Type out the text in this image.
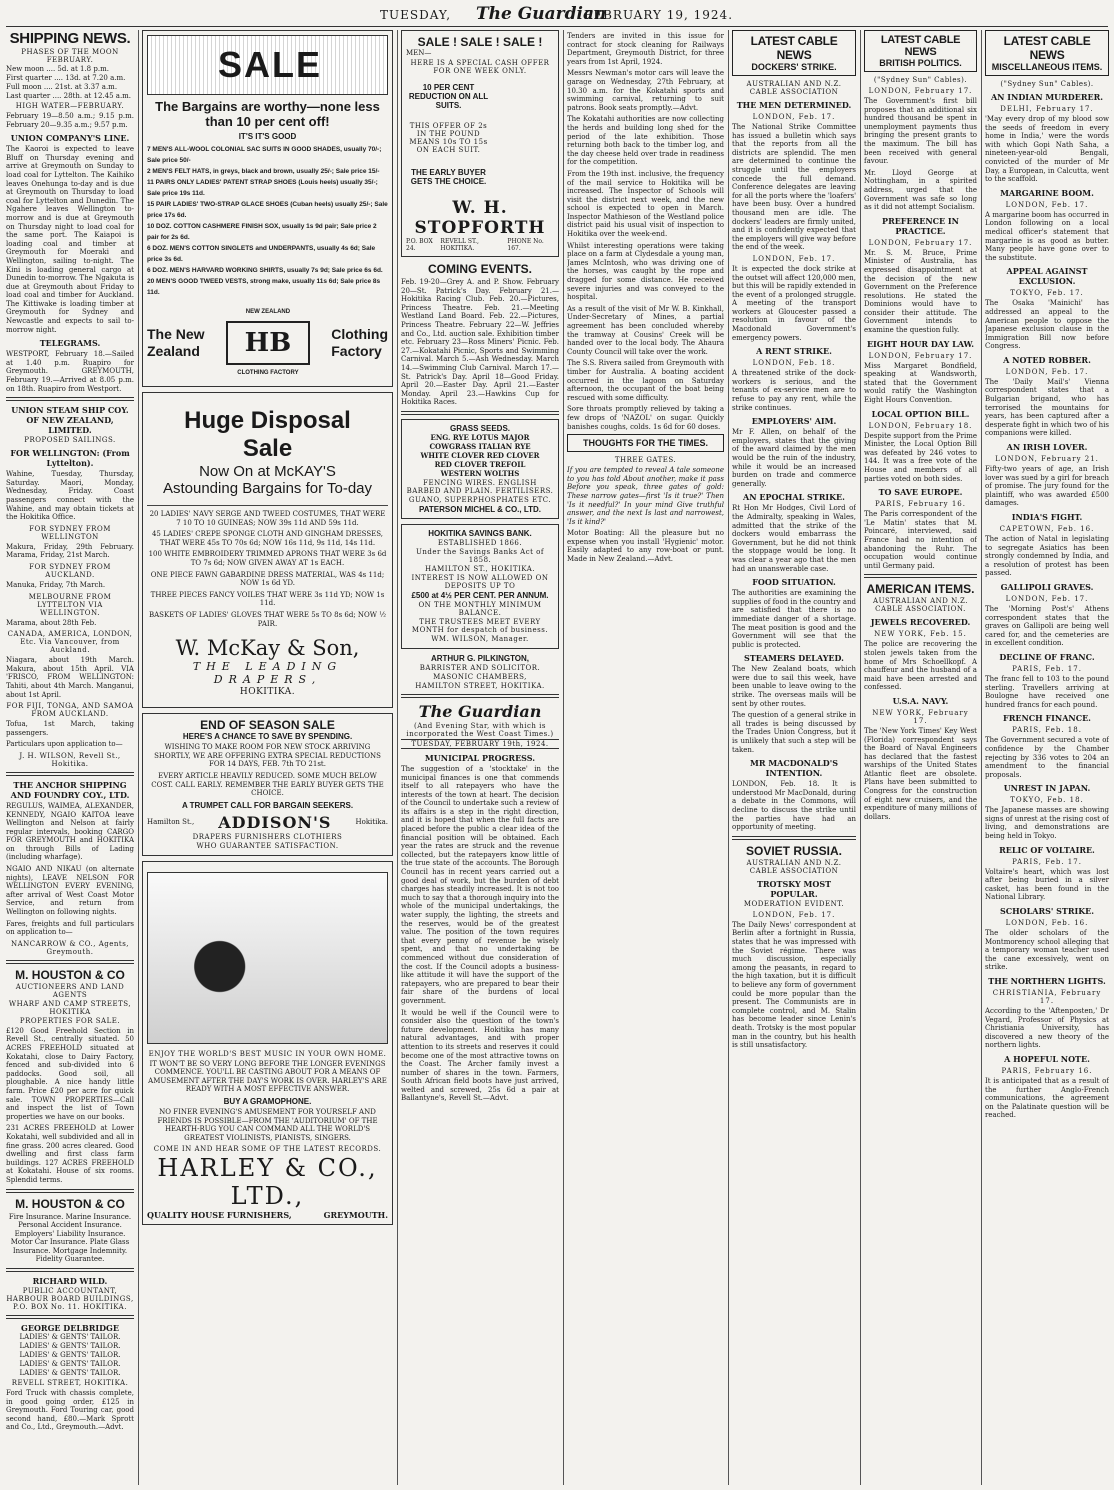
TUESDAY, The Guardian
FEBRUARY 19, 1924.
SHIPPING NEWS.
PHASES OF THE MOON FEBRUARY.
New moon .... 5d. at 1.8 p.m.
First quarter .... 13d. at 7.20 a.m.
Full moon .... 21st. at 3.37 a.m.
Last quarter .... 28th. at 12.45 a.m.
HIGH WATER—FEBRUARY.
February 19—8.50 a.m.; 9.15 p.m. February 20—9.35 a.m.; 9.57 p.m.
UNION COMPANY'S LINE.
The Kaoroi is expected to leave Bluff on Thursday evening and arrive at Greymouth on Sunday to load coal for Lyttelton. The Kaihiko leaves Onehunga to-day and is due at Greymouth on Thursday to load coal for Lyttelton and Dunedin. The Ngahere leaves Wellington to-morrow and is due at Greymouth on Thursday night to load coal for the same port. The Kaiapoi is loading coal and timber at Greymouth for Moeraki and Wellington, sailing to-night. The Kini is loading general cargo at Dunedin to-morrow. The Ngakuta is due at Greymouth about Friday to load coal and timber for Auckland. The Kittiwake is loading timber at Greymouth for Sydney and Newcastle and expects to sail to-morrow night.
TELEGRAMS.
WESTPORT, February 18.—Sailed at 1.40 p.m. Ruapiro for Greymouth. GREYMOUTH, February 19.—Arrived at 8.05 p.m. on 18th. Ruapiro from Westport.
UNION STEAM SHIP COY. OF NEW ZEALAND, LIMITED.
PROPOSED SAILINGS.
FOR WELLINGTON: (From Lyttelton).
Wahine, Tuesday, Thursday, Saturday. Maori, Monday, Wednesday, Friday. Coast passengers connect with the Wahine, and may obtain tickets at the Hokitika Office.
FOR SYDNEY FROM WELLINGTON
Makura, Friday, 29th February. Marama, Friday, 21st March.
FOR SYDNEY FROM AUCKLAND.
Manuka, Friday, 7th March.
MELBOURNE FROM LYTTELTON VIA WELLINGTON.
Marama, about 28th Feb.
CANADA, AMERICA, LONDON, Etc. Via Vancouver, from Auckland.
Niagara, about 19th March. Makura, about 15th April. VIA 'FRISCO, FROM WELLINGTON: Tahiti, about 4th March. Manganui, about 1st April.
FOR FIJI, TONGA, AND SAMOA FROM AUCKLAND.
Tofua, 1st March, taking passengers.
Particulars upon application to—
J. H. WILSON, Revell St., Hokitika.
THE ANCHOR SHIPPING AND FOUNDRY COY., LTD.
REGULUS, WAIMEA, ALEXANDER, KENNEDY, NGAIO KAITOA leave Wellington and Nelson at fairly regular intervals, booking CARGO FOR GREYMOUTH and HOKITIKA on through Bills of Lading (including wharfage).
NGAIO AND NIKAU (on alternate nights), LEAVE NELSON FOR WELLINGTON EVERY EVENING, after arrival of West Coast Motor Service, and return from Wellington on following nights.
Fares, freights and full particulars on application to—
NANCARROW & CO., Agents, Greymouth.
M. HOUSTON & CO
AUCTIONEERS AND LAND AGENTS
WHARF AND CAMP STREETS, HOKITIKA
PROPERTIES FOR SALE.
£120 Good Freehold Section in Revell St., centrally situated. 50 ACRES FREEHOLD situated at Kokatahi, close to Dairy Factory, fenced and sub-divided into 6 paddocks. Good soil, all ploughable. A nice handy little farm. Price £20 per acre for quick sale. TOWN PROPERTIES—Call and inspect the list of Town properties we have on our books.
231 ACRES FREEHOLD at Lower Kokatahi, well subdivided and all in fine grass. 200 acres cleared. Good dwelling and first class farm buildings. 127 ACRES FREEHOLD at Kokatahi. House of six rooms. Splendid terms.
M. HOUSTON & CO
Fire Insurance. Marine Insurance. Personal Accident Insurance. Employers' Liability Insurance. Motor Car Insurance. Plate Glass Insurance. Mortgage Indemnity. Fidelity Guarantee.
RICHARD WILD.
PUBLIC ACCOUNTANT, HARBOUR BOARD BUILDINGS, P.O. BOX No. 11. HOKITIKA.
GEORGE DELBRIDGE
LADIES' & GENTS' TAILOR.
LADIES' & GENTS' TAILOR.
LADIES' & GENTS' TAILOR.
LADIES' & GENTS' TAILOR.
LADIES' & GENTS' TAILOR.
REVELL STREET, HOKITIKA.
Ford Truck with chassis complete, in good going order, £125 in Greymouth. Ford Touring car, good second hand, £80.—Mark Sprott and Co., Ltd., Greymouth.—Advt.
SALE
The Bargains are worthy—none less than 10 per cent off!
IT'S IT'S GOOD
7 MEN'S ALL-WOOL COLONIAL SAC SUITS IN GOOD SHADES, usually 70/-; Sale price 50/-
2 MEN'S FELT HATS, in greys, black and brown, usually 25/-; Sale price 15/-
11 PAIRS ONLY LADIES' PATENT STRAP SHOES (Louis heels) usually 35/-; Sale price 19s 11d.
15 PAIR LADIES' TWO-STRAP GLACE SHOES (Cuban heels) usually 25/-; Sale price 17s 6d.
10 DOZ. COTTON CASHMERE FINISH SOX, usually 1s 9d pair; Sale price 2 pair for 2s 6d.
6 DOZ. MEN'S COTTON SINGLETS and UNDERPANTS, usually 4s 6d; Sale price 3s 6d.
6 DOZ. MEN'S HARVARD WORKING SHIRTS, usually 7s 9d; Sale price 6s 6d.
20 MEN'S GOOD TWEED VESTS, strong make, usually 11s 6d; Sale price 8s 11d.
The New
Zealand
NEW ZEALAND
HB
CLOTHING FACTORY
Clothing
Factory
Huge Disposal
Sale
Now On at McKAY'S
Astounding Bargains for To-day
20 LADIES' NAVY SERGE AND TWEED COSTUMES, THAT WERE 7 10 TO 10 GUINEAS; NOW 39s 11d AND 59s 11d.
45 LADIES' CREPE SPONGE CLOTH AND GINGHAM DRESSES, THAT WERE 45s TO 70s 6d; NOW 16s 11d, 9s 11d, 14s 11d.
100 WHITE EMBROIDERY TRIMMED APRONS THAT WERE 3s 6d TO 7s 6d; NOW GIVEN AWAY AT 1s EACH.
ONE PIECE FAWN GABARDINE DRESS MATERIAL, WAS 4s 11d; NOW 1s 6d YD.
THREE PIECES FANCY VOILES THAT WERE 3s 11d YD; NOW 1s 11d.
BASKETS OF LADIES' GLOVES THAT WERE 5s TO 8s 6d; NOW ½ PAIR.
W. McKay & Son,
THE LEADING DRAPERS,
HOKITIKA.
END OF SEASON SALE
HERE'S A CHANCE TO SAVE BY SPENDING.
WISHING TO MAKE ROOM FOR NEW STOCK ARRIVING SHORTLY, WE ARE OFFERING EXTRA SPECIAL REDUCTIONS FOR 14 DAYS, FEB. 7th TO 21st.
EVERY ARTICLE HEAVILY REDUCED. SOME MUCH BELOW COST. CALL EARLY. REMEMBER THE EARLY BUYER GETS THE CHOICE.
A TRUMPET CALL FOR BARGAIN SEEKERS.
Hamilton St., ADDISON'S	Hokitika.
DRAPERS FURNISHERS CLOTHIERS
WHO GUARANTEE SATISFACTION.
ENJOY THE WORLD'S BEST MUSIC IN YOUR OWN HOME.
IT WON'T BE SO VERY LONG BEFORE THE LONGER EVENINGS COMMENCE. YOU'LL BE CASTING ABOUT FOR A MEANS OF AMUSEMENT AFTER THE DAY'S WORK IS OVER. HARLEY'S ARE READY WITH A MOST EFFECTIVE ANSWER.
BUY A GRAMOPHONE.
NO FINER EVENING'S AMUSEMENT FOR YOURSELF AND FRIENDS IS POSSIBLE—FROM THE 'AUDITORIUM' OF THE HEARTH-RUG YOU CAN COMMAND ALL THE WORLD'S GREATEST VIOLINISTS, PIANISTS, SINGERS.
COME IN AND HEAR SOME OF THE LATEST RECORDS.
HARLEY & CO., LTD.,
QUALITY HOUSE FURNISHERS,	GREYMOUTH.
SALE ! SALE ! SALE !
MEN—
HERE IS A SPECIAL CASH OFFER FOR ONE WEEK ONLY.
10 PER CENT REDUCTION ON ALL SUITS.
THIS OFFER OF 2s IN THE POUND MEANS 10s TO 15s ON EACH SUIT.
THE EARLY BUYER GETS THE CHOICE.
W. H. STOPFORTH
P.O. BOX 24.
REVELL ST., HOKITIKA.
PHONE No. 167.
COMING EVENTS.
Feb. 19-20—Grey A. and P. Show. February 20—St. Patrick's Day. February 21.—Hokitika Racing Club. Feb. 20.—Pictures, Princess Theatre. Feb. 21.—Meeting Westland Land Board. Feb. 22.—Pictures, Princess Theatre. February 22—W. Jeffries and Co., Ltd. auction sale. Exhibition timber etc. February 23—Ross Miners' Picnic. Feb. 27.—Kokatahi Picnic, Sports and Swimming Carnival. March 5.—Ash Wednesday. March 14.—Swimming Club Carnival. March 17.—St. Patrick's Day. April 18—Good Friday. April 20.—Easter Day. April 21.—Easter Monday. April 23.—Hawkins Cup for Hokitika Races.
GRASS SEEDS.
ENG. RYE LOTUS MAJOR
COWGRASS ITALIAN RYE
WHITE CLOVER RED CLOVER
RED CLOVER TREFOIL
WESTERN WOLTHS
FENCING WIRES. ENGLISH BARBED AND PLAIN. FERTILISERS.
GUANO, SUPERPHOSPHATES ETC.
PATERSON MICHEL & CO., LTD.
HOKITIKA SAVINGS BANK.
ESTABLISHED 1866.
Under the Savings Banks Act of 1858.
HAMILTON ST., HOKITIKA.
INTEREST IS NOW ALLOWED ON DEPOSITS UP TO
£500 at 4½ PER CENT. PER ANNUM.
ON THE MONTHLY MINIMUM BALANCE.
THE TRUSTEES MEET EVERY MONTH for despatch of business.
WM. WILSON, Manager.
ARTHUR G. PILKINGTON,
BARRISTER AND SOLICITOR.
MASONIC CHAMBERS,
HAMILTON STREET, HOKITIKA.
The Guardian
(And Evening Star, with which is incorporated the West Coast Times.)
TUESDAY, FEBRUARY 19th, 1924.
MUNICIPAL PROGRESS.
The suggestion of a 'stocktake' in the municipal finances is one that commends itself to all ratepayers who have the interests of the town at heart. The decision of the Council to undertake such a review of its affairs is a step in the right direction, and it is hoped that when the full facts are placed before the public a clear idea of the financial position will be obtained. Each year the rates are struck and the revenue collected, but the ratepayers know little of the true state of the accounts. The Borough Council has in recent years carried out a good deal of work, but the burden of debt charges has steadily increased. It is not too much to say that a thorough inquiry into the whole of the municipal undertakings, the water supply, the lighting, the streets and the reserves, would be of the greatest value. The position of the town requires that every penny of revenue be wisely spent, and that no undertaking be commenced without due consideration of the cost. If the Council adopts a business-like attitude it will have the support of the ratepayers, who are prepared to bear their fair share of the burdens of local government.
It would be well if the Council were to consider also the question of the town's future development. Hokitika has many natural advantages, and with proper attention to its streets and reserves it could become one of the most attractive towns on the Coast. The Archer family invest a number of shares in the town. Farmers, South African field boots have just arrived, welted and screwed, 25s 6d a pair at Ballantyne's, Revell St.—Advt.
Tenders are invited in this issue for contract for stock cleaning for Railways Department, Greymouth District, for three years from 1st April, 1924.
Messrs Newman's motor cars will leave the garage on Wednesday, 27th February, at 10.30 a.m. for the Kokatahi sports and swimming carnival, returning to suit patrons. Book seats promptly.—Advt.
The Kokatahi authorities are now collecting the herds and building long shed for the period of the late exhibition. Those returning both back to the timber log, and the day cheese held over trade in readiness for the competition.
From the 19th inst. inclusive, the frequency of the mail service to Hokitika will be increased. The Inspector of Schools will visit the district next week, and the new school is expected to open in March. Inspector Mathieson of the Westland police district paid his usual visit of inspection to Hokitika over the week-end.
Whilst interesting operations were taking place on a farm at Clydesdale a young man, James McIntosh, who was driving one of the horses, was caught by the rope and dragged for some distance. He received severe injuries and was conveyed to the hospital.
As a result of the visit of Mr W. B. Kinkhall, Under-Secretary of Mines, a partial agreement has been concluded whereby the tramway at Cousins' Creek will be handed over to the local body. The Ahaura County Council will take over the work.
The S.S. Rivera sailed from Greymouth with timber for Australia. A boating accident occurred in the lagoon on Saturday afternoon, the occupant of the boat being rescued with some difficulty.
Sore throats promptly relieved by taking a few drops of 'NAZOL' on sugar. Quickly banishes coughs, colds. 1s 6d for 60 doses.
THOUGHTS FOR THE TIMES.
THREE GATES.
If you are tempted to reveal A tale someone to you has told About another, make it pass Before you speak, three gates of gold: These narrow gates—first 'Is it true?' Then 'Is it needful?' In your mind Give truthful answer, and the next Is last and narrowest, 'Is it kind?'
Motor Boating: All the pleasure but no expense when you install 'Hygienic' motor. Easily adapted to any row-boat or punt. Made in New Zealand.—Advt.
LATEST CABLE NEWS
DOCKERS' STRIKE.
AUSTRALIAN AND N.Z. CABLE ASSOCIATION
THE MEN DETERMINED.
LONDON, Feb. 17.
The National Strike Committee has issued a bulletin which says that the reports from all the districts are splendid. The men are determined to continue the struggle until the employers concede the full demand. Conference delegates are leaving for all the ports where the 'loafers' have been busy. Over a hundred thousand men are idle. The dockers' leaders are firmly united, and it is confidently expected that the employers will give way before the end of the week.
LONDON, Feb. 17.
It is expected the dock strike at the outset will affect 120,000 men, but this will be rapidly extended in the event of a prolonged struggle. A meeting of the transport workers at Gloucester passed a resolution in favour of the Macdonald Government's emergency powers.
A RENT STRIKE.
LONDON, Feb. 18.
A threatened strike of the dock-workers is serious, and the tenants of ex-service men are to refuse to pay any rent, while the strike continues.
EMPLOYERS' AIM.
Mr F. Allen, on behalf of the employers, states that the giving of the award claimed by the men would be the ruin of the industry, while it would be an increased burden on trade and commerce generally.
AN EPOCHAL STRIKE.
Rt Hon Mr Hodges, Civil Lord of the Admiralty, speaking in Wales, admitted that the strike of the dockers would embarrass the Government, but he did not think the stoppage would be long. It was clear a year ago that the men had an unanswerable case.
FOOD SITUATION.
The authorities are examining the supplies of food in the country and are satisfied that there is no immediate danger of a shortage. The meat position is good and the Government will see that the public is protected.
STEAMERS DELAYED.
The New Zealand boats, which were due to sail this week, have been unable to leave owing to the strike. The overseas mails will be sent by other routes.
The question of a general strike in all trades is being discussed by the Trades Union Congress, but it is unlikely that such a step will be taken.
MR MACDONALD'S INTENTION.
LONDON, Feb. 18. It is understood Mr MacDonald, during a debate in the Commons, will decline to discuss the strike until the parties have had an opportunity of meeting.
SOVIET RUSSIA.
AUSTRALIAN AND N.Z. CABLE ASSOCIATION
TROTSKY MOST POPULAR.
MODERATION EVIDENT.
LONDON, Feb. 17.
The Daily News' correspondent at Berlin after a fortnight in Russia, states that he was impressed with the Soviet régime. There was much discussion, especially among the peasants, in regard to the high taxation, but it is difficult to believe any form of government could be more popular than the present. The Communists are in complete control, and M. Stalin has become leader since Lenin's death. Trotsky is the most popular man in the country, but his health is still unsatisfactory.
LATEST CABLE NEWS
BRITISH POLITICS.
("Sydney Sun" Cables).
LONDON, February 17.
The Government's first bill proposes that an additional six hundred thousand be spent in unemployment payments thus bringing the present grants to the maximum. The bill has been received with general favour.
Mr. Lloyd George at Nottingham, in a spirited address, urged that the Government was safe so long as it did not attempt Socialism.
PREFERENCE IN PRACTICE.
LONDON, February 17.
Mr. S. M. Bruce, Prime Minister of Australia, has expressed disappointment at the decision of the new Government on the Preference resolutions. He stated the Dominions would have to consider their attitude. The Government intends to examine the question fully.
EIGHT HOUR DAY LAW.
LONDON, February 17.
Miss Margaret Bondfield, speaking at Wandsworth, stated that the Government would ratify the Washington Eight Hours Convention.
LOCAL OPTION BILL.
LONDON, February 18.
Despite support from the Prime Minister, the Local Option Bill was defeated by 246 votes to 144. It was a free vote of the House and members of all parties voted on both sides.
TO SAVE EUROPE.
PARIS, February 16.
The Paris correspondent of the 'Le Matin' states that M. Poincaré, interviewed, said France had no intention of abandoning the Ruhr. The occupation would continue until Germany paid.
AMERICAN ITEMS.
AUSTRALIAN AND N.Z. CABLE ASSOCIATION.
JEWELS RECOVERED.
NEW YORK, Feb. 15.
The police are recovering the stolen jewels taken from the home of Mrs Schoellkopf. A chauffeur and the husband of a maid have been arrested and confessed.
U.S.A. NAVY.
NEW YORK, February 17.
The 'New York Times' Key West (Florida) correspondent says the Board of Naval Engineers has declared that the fastest warships of the United States Atlantic fleet are obsolete. Plans have been submitted to Congress for the construction of eight new cruisers, and the expenditure of many millions of dollars.
LATEST CABLE NEWS
MISCELLANEOUS ITEMS.
("Sydney Sun" Cables).
AN INDIAN MURDERER.
DELHI, February 17.
'May every drop of my blood sow the seeds of freedom in every home in India,' were the words with which Gopi Nath Saha, a nineteen-year-old Bengali, convicted of the murder of Mr Day, a European, in Calcutta, went to the scaffold.
MARGARINE BOOM.
LONDON, Feb. 17.
A margarine boom has occurred in London following on a local medical officer's statement that margarine is as good as butter. Many people have gone over to the substitute.
APPEAL AGAINST EXCLUSION.
TOKYO, Feb. 17.
The Osaka 'Mainichi' has addressed an appeal to the American people to oppose the Japanese exclusion clause in the Immigration Bill now before Congress.
A NOTED ROBBER.
LONDON, Feb. 17.
The 'Daily Mail's' Vienna correspondent states that a Bulgarian brigand, who has terrorised the mountains for years, has been captured after a desperate fight in which two of his companions were killed.
AN IRISH LOVER.
LONDON, February 21.
Fifty-two years of age, an Irish lover was sued by a girl for breach of promise. The jury found for the plaintiff, who was awarded £500 damages.
INDIA'S FIGHT.
CAPETOWN, Feb. 16.
The action of Natal in legislating to segregate Asiatics has been strongly condemned by India, and a resolution of protest has been passed.
GALLIPOLI GRAVES.
LONDON, Feb. 17.
The 'Morning Post's' Athens correspondent states that the graves on Gallipoli are being well cared for, and the cemeteries are in excellent condition.
DECLINE OF FRANC.
PARIS, Feb. 17.
The franc fell to 103 to the pound sterling. Travellers arriving at Boulogne have received one hundred francs for each pound.
FRENCH FINANCE.
PARIS, Feb. 18.
The Government secured a vote of confidence by the Chamber rejecting by 336 votes to 204 an amendment to the financial proposals.
UNREST IN JAPAN.
TOKYO, Feb. 18.
The Japanese masses are showing signs of unrest at the rising cost of living, and demonstrations are being held in Tokyo.
RELIC OF VOLTAIRE.
PARIS, Feb. 17.
Voltaire's heart, which was lost after being buried in a silver casket, has been found in the National Library.
SCHOLARS' STRIKE.
LONDON, Feb. 16.
The older scholars of the Montmorency school alleging that a temporary woman teacher used the cane excessively, went on strike.
THE NORTHERN LIGHTS.
CHRISTIANIA, February 17.
According to the 'Aftenposten,' Dr Vegard, Professor of Physics at Christiania University, has discovered a new theory of the northern lights.
A HOPEFUL NOTE.
PARIS, February 16.
It is anticipated that as a result of the further Anglo-French communications, the agreement on the Palatinate question will be reached.
